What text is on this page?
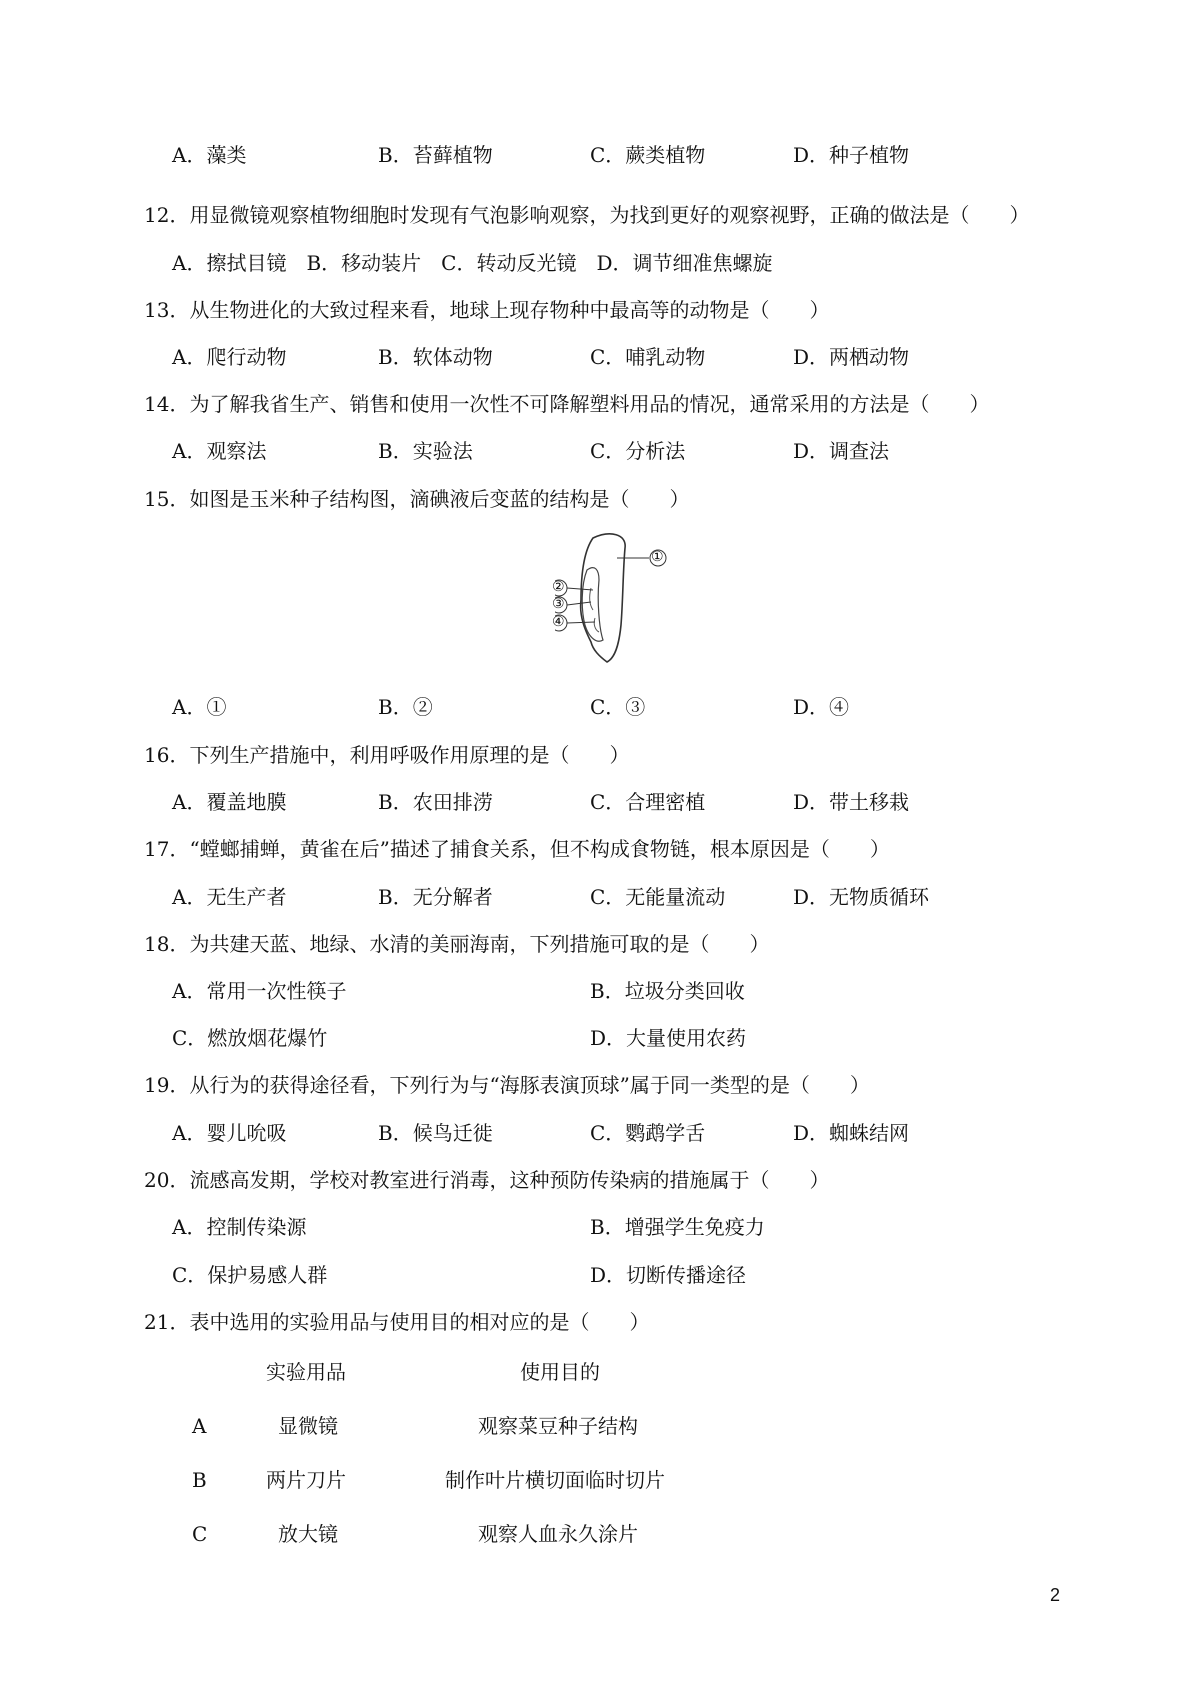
A．藻类	B．苔藓植物	C．蕨类植物	D．种子植物
12．用显微镜观察植物细胞时发现有气泡影响观察，为找到更好的观察视野，正确的做法是（　　）
A．擦拭目镜　B．移动装片　C．转动反光镜　D．调节细准焦螺旋
13．从生物进化的大致过程来看，地球上现存物种中最高等的动物是（　　）
A．爬行动物	B．软体动物	C．哺乳动物	D．两栖动物
14．为了解我省生产、销售和使用一次性不可降解塑料用品的情况，通常采用的方法是（　　）
A．观察法	B．实验法	C．分析法	D．调查法
15．如图是玉米种子结构图，滴碘液后变蓝的结构是（　　）
①
②
③
④
A．①	B．②	C．③	D．④
16．下列生产措施中，利用呼吸作用原理的是（　　）
A．覆盖地膜	B．农田排涝	C．合理密植	D．带土移栽
17．“螳螂捕蝉，黄雀在后”描述了捕食关系，但不构成食物链，根本原因是（　　）
A．无生产者	B．无分解者	C．无能量流动	D．无物质循环
18．为共建天蓝、地绿、水清的美丽海南，下列措施可取的是（　　）
A．常用一次性筷子	B．垃圾分类回收
C．燃放烟花爆竹	D．大量使用农药
19．从行为的获得途径看，下列行为与“海豚表演顶球”属于同一类型的是（　　）
A．婴儿吮吸	B．候鸟迁徙	C．鹦鹉学舌	D．蜘蛛结网
20．流感高发期，学校对教室进行消毒，这种预防传染病的措施属于（　　）
A．控制传染源	B．增强学生免疫力
C．保护易感人群	D．切断传播途径
21．表中选用的实验用品与使用目的相对应的是（　　）
实验用品	使用目的
A	显微镜	观察菜豆种子结构
B	两片刀片	制作叶片横切面临时切片
C	放大镜	观察人血永久涂片
2
